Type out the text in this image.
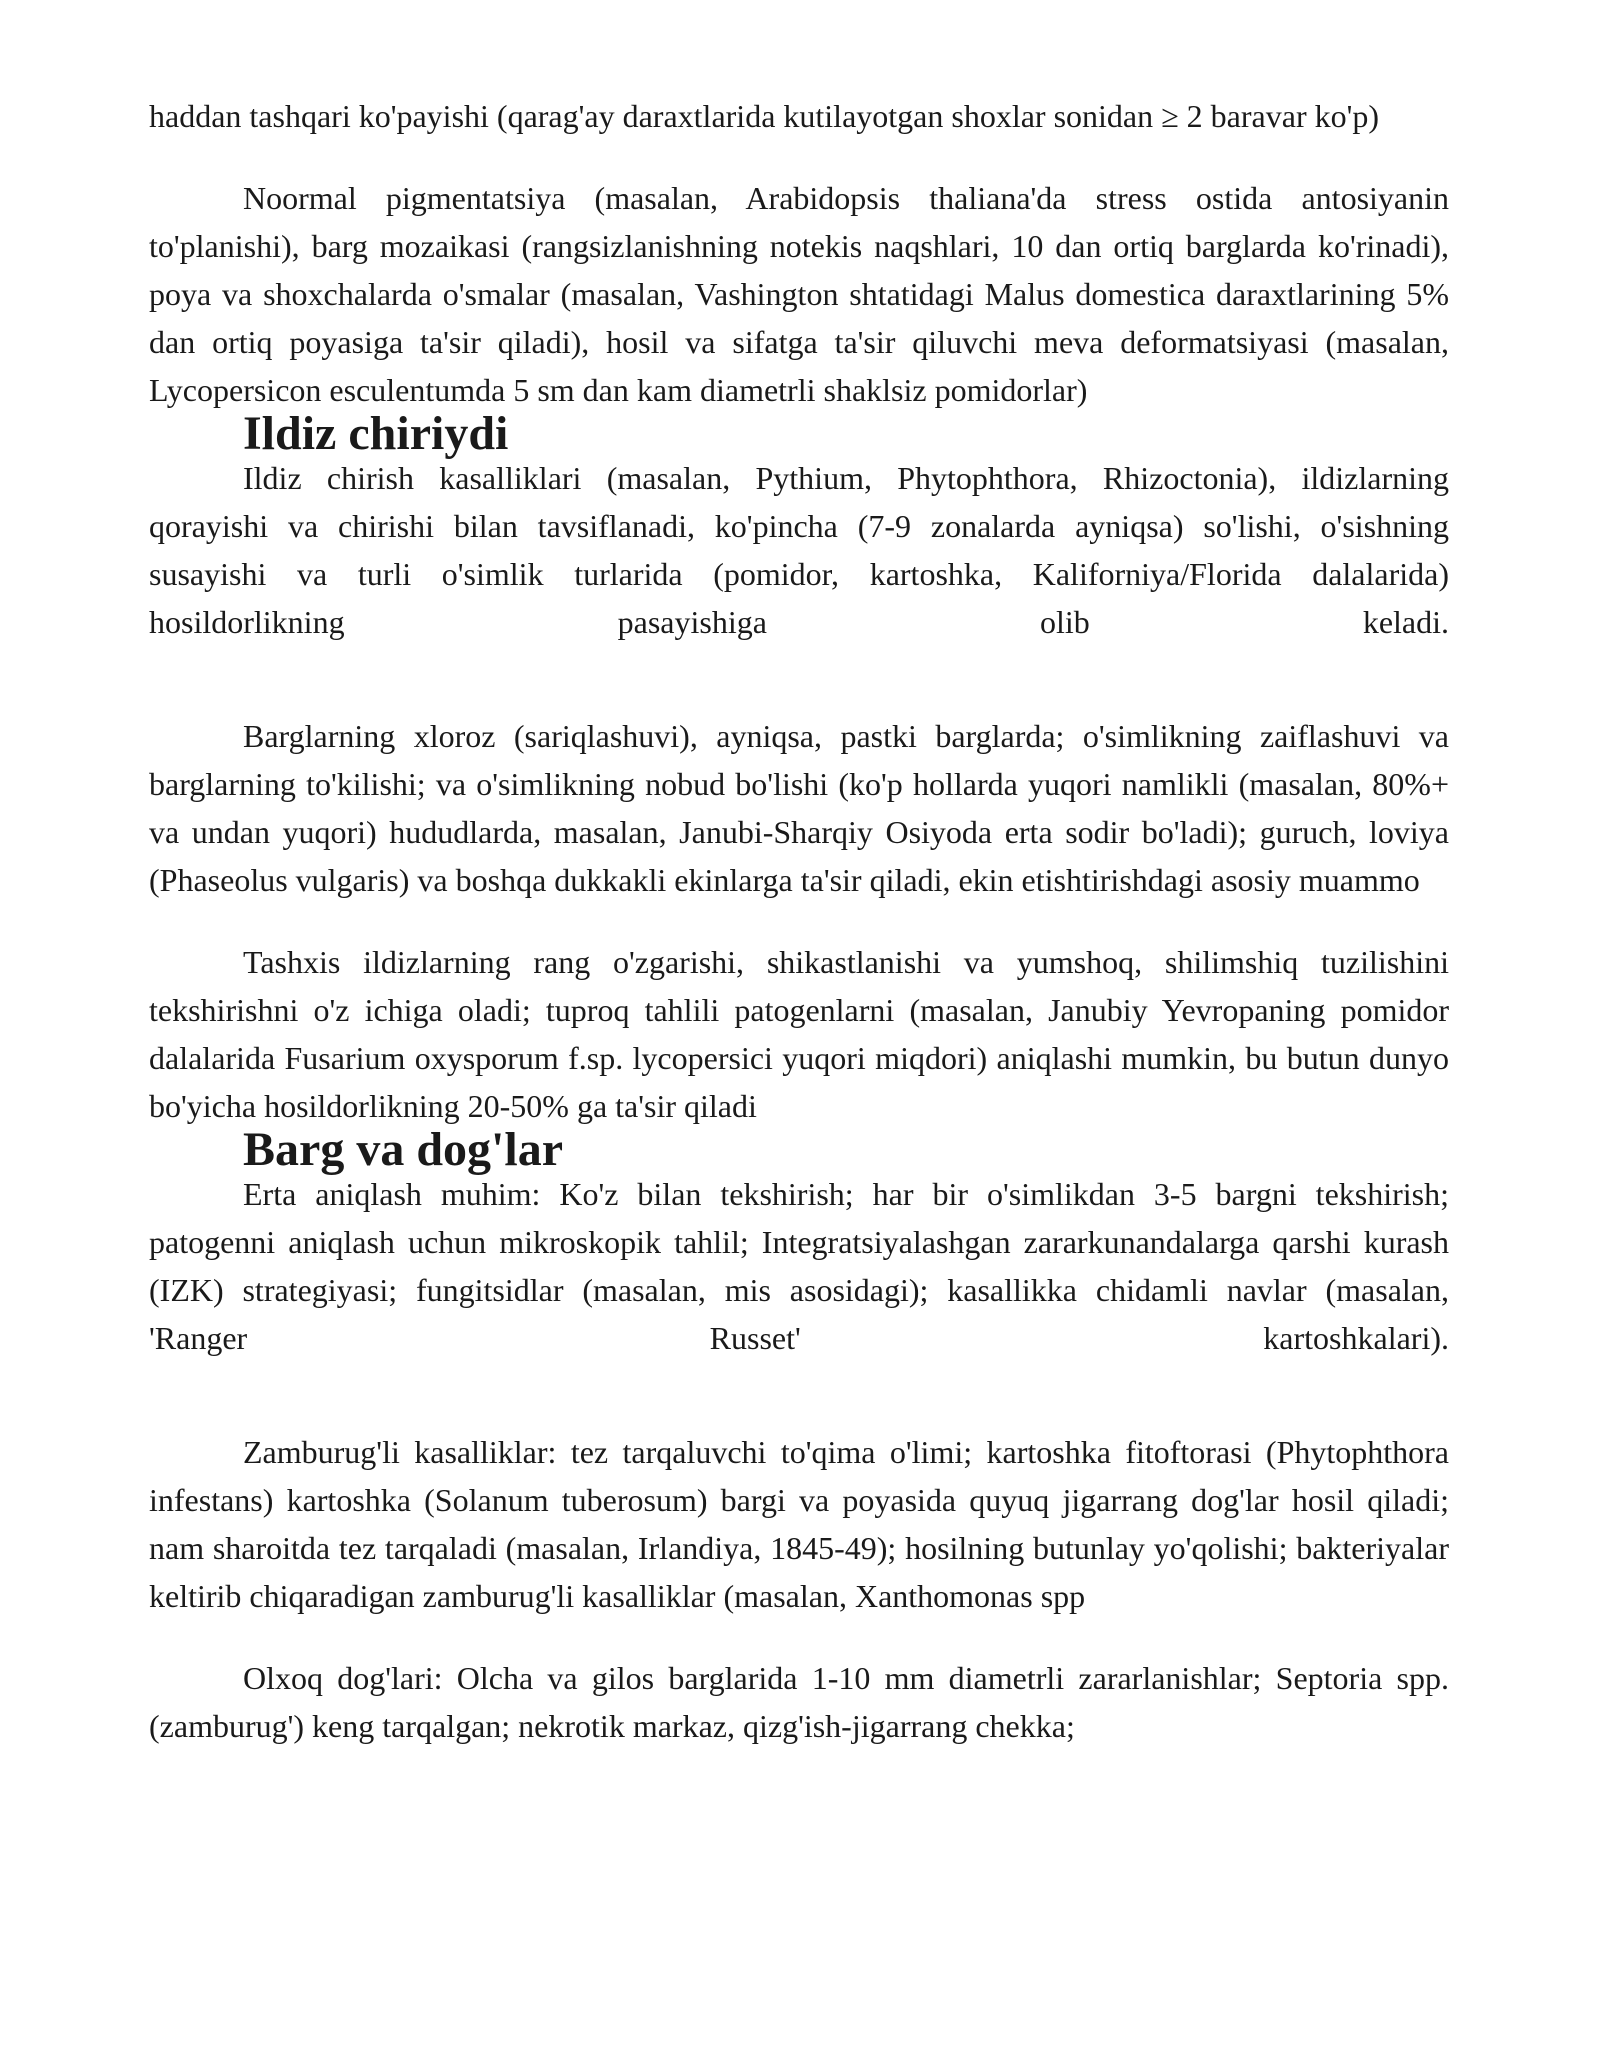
haddan tashqari ko'payishi (qarag'ay daraxtlarida kutilayotgan shoxlar sonidan ≥ 2 baravar ko'p)

Noormal pigmentatsiya (masalan, Arabidopsis thaliana'da stress ostida antosiyanin to'planishi), barg mozaikasi (rangsizlanishning notekis naqshlari, 10 dan ortiq barglarda ko'rinadi), poya va shoxchalarda o'smalar (masalan, Vashington shtatidagi Malus domestica daraxtlarining 5% dan ortiq poyasiga ta'sir qiladi), hosil va sifatga ta'sir qiluvchi meva deformatsiyasi (masalan, Lycopersicon esculentumda 5 sm dan kam diametrli shaklsiz pomidorlar)

Ildiz chiriydi

Ildiz chirish kasalliklari (masalan, Pythium, Phytophthora, Rhizoctonia), ildizlarning qorayishi va chirishi bilan tavsiflanadi, ko'pincha (7-9 zonalarda ayniqsa) so'lishi, o'sishning susayishi va turli o'simlik turlarida (pomidor, kartoshka, Kaliforniya/Florida dalalarida) hosildorlikning pasayishiga olib keladi.

Barglarning xloroz (sariqlashuvi), ayniqsa, pastki barglarda; o'simlikning zaiflashuvi va barglarning to'kilishi; va o'simlikning nobud bo'lishi (ko'p hollarda yuqori namlikli (masalan, 80%+ va undan yuqori) hududlarda, masalan, Janubi-Sharqiy Osiyoda erta sodir bo'ladi); guruch, loviya (Phaseolus vulgaris) va boshqa dukkakli ekinlarga ta'sir qiladi, ekin etishtirishdagi asosiy muammo

Tashxis ildizlarning rang o'zgarishi, shikastlanishi va yumshoq, shilimshiq tuzilishini tekshirishni o'z ichiga oladi; tuproq tahlili patogenlarni (masalan, Janubiy Yevropaning pomidor dalalarida Fusarium oxysporum f.sp. lycopersici yuqori miqdori) aniqlashi mumkin, bu butun dunyo bo'yicha hosildorlikning 20-50% ga ta'sir qiladi

Barg va dog'lar

Erta aniqlash muhim: Ko'z bilan tekshirish; har bir o'simlikdan 3-5 bargni tekshirish; patogenni aniqlash uchun mikroskopik tahlil; Integratsiyalashgan zararkunandalarga qarshi kurash (IZK) strategiyasi; fungitsidlar (masalan, mis asosidagi); kasallikka chidamli navlar (masalan, 'Ranger Russet' kartoshkalari).

Zamburug'li kasalliklar: tez tarqaluvchi to'qima o'limi; kartoshka fitoftorasi (Phytophthora infestans) kartoshka (Solanum tuberosum) bargi va poyasida quyuq jigarrang dog'lar hosil qiladi; nam sharoitda tez tarqaladi (masalan, Irlandiya, 1845-49); hosilning butunlay yo'qolishi; bakteriyalar keltirib chiqaradigan zamburug'li kasalliklar (masalan, Xanthomonas spp

Olxoq dog'lari: Olcha va gilos barglarida 1-10 mm diametrli zararlanishlar; Septoria spp. (zamburug') keng tarqalgan; nekrotik markaz, qizg'ish-jigarrang chekka;
